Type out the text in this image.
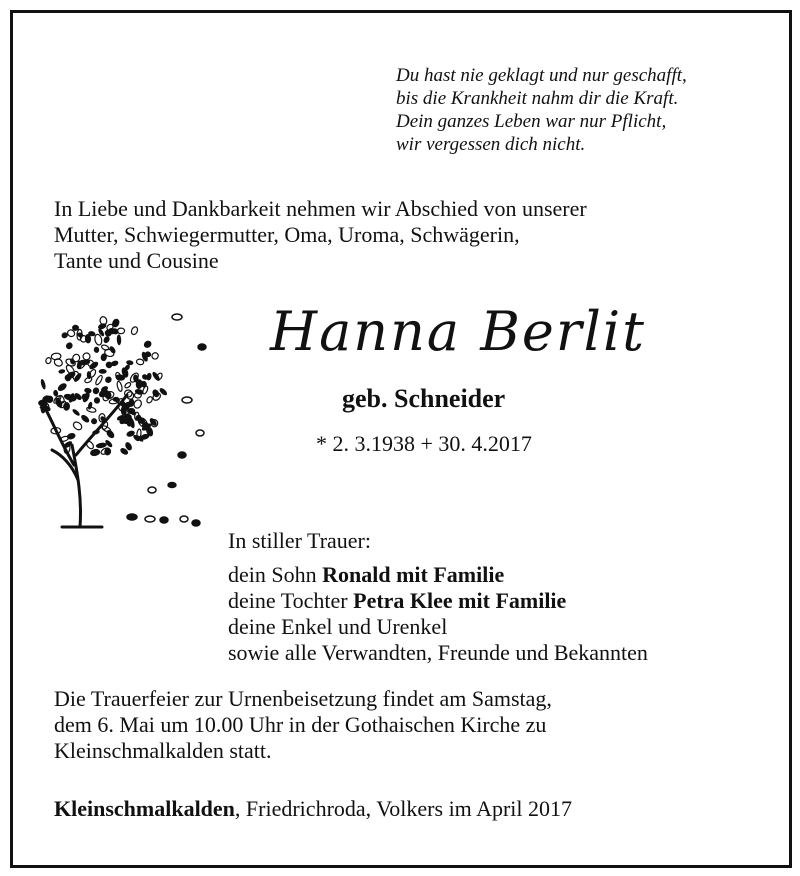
Du hast nie geklagt und nur geschafft,
bis die Krankheit nahm dir die Kraft.
Dein ganzes Leben war nur Pflicht,
wir vergessen dich nicht.
In Liebe und Dankbarkeit nehmen wir Abschied von unserer
Mutter, Schwiegermutter, Oma, Uroma, Schwägerin,
Tante und Cousine
Hanna Berlit
geb. Schneider
* 2. 3.1938 + 30. 4.2017
In stiller Trauer:
dein Sohn Ronald mit Familie
deine Tochter Petra Klee mit Familie
deine Enkel und Urenkel
sowie alle Verwandten, Freunde und Bekannten
Die Trauerfeier zur Urnenbeisetzung findet am Samstag,
dem 6. Mai um 10.00 Uhr in der Gothaischen Kirche zu
Kleinschmalkalden statt.
Kleinschmalkalden, Friedrichroda, Volkers im April 2017
